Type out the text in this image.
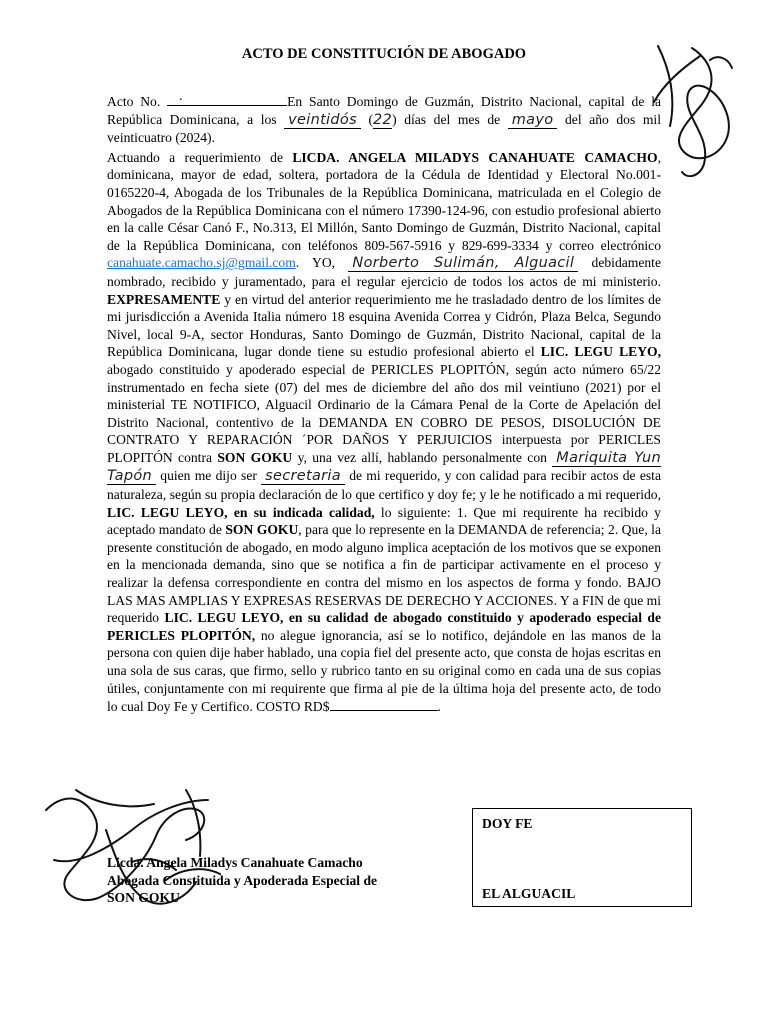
ACTO DE CONSTITUCIÓN DE ABOGADO

Acto No. .	En Santo Domingo de Guzmán, Distrito Nacional, capital de la República Dominicana, a los veintidós (22) días del mes de mayo del año dos mil veinticuatro (2024).

Actuando a requerimiento de LICDA. ANGELA MILADYS CANAHUATE CAMACHO, dominicana, mayor de edad, soltera, portadora de la Cédula de Identidad y Electoral No.001-0165220-4, Abogada de los Tribunales de la República Dominicana, matriculada en el Colegio de Abogados de la República Dominicana con el número 17390-124-96, con estudio profesional abierto en la calle César Canó F., No.313, El Millón, Santo Domingo de Guzmán, Distrito Nacional, capital de la República Dominicana, con teléfonos 809-567-5916 y 829-699-3334 y correo electrónico canahuate.camacho.sj@gmail.com. YO, Norberto Sulimán, Alguacil debidamente nombrado, recibido y juramentado, para el regular ejercicio de todos los actos de mi ministerio. EXPRESAMENTE y en virtud del anterior requerimiento me he trasladado dentro de los límites de mi jurisdicción a Avenida Italia número 18 esquina Avenida Correa y Cidrón, Plaza Belca, Segundo Nivel, local 9-A, sector Honduras, Santo Domingo de Guzmán, Distrito Nacional, capital de la República Dominicana, lugar donde tiene su estudio profesional abierto el LIC. LEGU LEYO, abogado constituido y apoderado especial de PERICLES PLOPITÓN, según acto número 65/22 instrumentado en fecha siete (07) del mes de diciembre del año dos mil veintiuno (2021) por el ministerial TE NOTIFICO, Alguacil Ordinario de la Cámara Penal de la Corte de Apelación del Distrito Nacional, contentivo de la DEMANDA EN COBRO DE PESOS, DISOLUCIÓN DE CONTRATO Y REPARACIÓN ´POR DAÑOS Y PERJUICIOS interpuesta por PERICLES PLOPITÓN contra SON GOKU y, una vez allí, hablando personalmente con Mariquita Yun Tapón quien me dijo ser secretaria de mi requerido, y con calidad para recibir actos de esta naturaleza, según su propia declaración de lo que certifico y doy fe; y le he notificado a mi requerido, LIC. LEGU LEYO, en su indicada calidad, lo siguiente: 1. Que mi requirente ha recibido y aceptado mandato de SON GOKU, para que lo represente en la DEMANDA de referencia; 2. Que, la presente constitución de abogado, en modo alguno implica aceptación de los motivos que se exponen en la mencionada demanda, sino que se notifica a fin de participar activamente en el proceso y realizar la defensa correspondiente en contra del mismo en los aspectos de forma y fondo. BAJO LAS MAS AMPLIAS Y EXPRESAS RESERVAS DE DERECHO Y ACCIONES. Y a FIN de que mi requerido LIC. LEGU LEYO, en su calidad de abogado constituido y apoderado especial de PERICLES PLOPITÓN, no alegue ignorancia, así se lo notifico, dejándole en las manos de la persona con quien dije haber hablado, una copia fiel del presente acto, que consta de hojas escritas en una sola de sus caras, que firmo, sello y rubrico tanto en su original como en cada una de sus copias útiles, conjuntamente con mi requirente que firma al pie de la última hoja del presente acto, de todo lo cual Doy Fe y Certifico. COSTO RD$	.

Licda. Angela Miladys Canahuate Camacho
Abogada Constituida y Apoderada Especial de
SON GOKU
DOY FE
EL ALGUACIL
